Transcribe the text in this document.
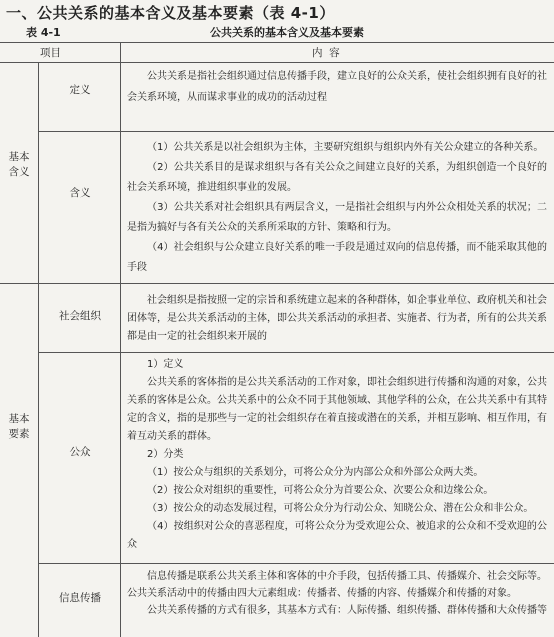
一、公共关系的基本含义及基本要素（表 4-1）
表 4-1	公共关系的基本含义及基本要素
项目	内  容
基本含义
基本要素
定义
含义
社会组织
公众
信息传播

公共关系是指社会组织通过信息传播手段，建立良好的公众关系，使社会组织拥有良好的社会关系环境，从而谋求事业的成功的活动过程

（1）公共关系是以社会组织为主体，主要研究组织与组织内外有关公众建立的各种关系。

（2）公共关系目的是谋求组织与各有关公众之间建立良好的关系，为组织创造一个良好的社会关系环境，推进组织事业的发展。

（3）公共关系对社会组织具有两层含义，一是指社会组织与内外公众相处关系的状况；二是指为搞好与各有关公众的关系所采取的方针、策略和行为。

（4）社会组织与公众建立良好关系的唯一手段是通过双向的信息传播，而不能采取其他的手段

社会组织是指按照一定的宗旨和系统建立起来的各种群体，如企事业单位、政府机关和社会团体等，是公共关系活动的主体，即公共关系活动的承担者、实施者、行为者，所有的公共关系都是由一定的社会组织来开展的

1）定义

公共关系的客体指的是公共关系活动的工作对象，即社会组织进行传播和沟通的对象，公共关系的客体是公众。公共关系中的公众不同于其他领域、其他学科的公众，在公共关系中有其特定的含义，指的是那些与一定的社会组织存在着直接或潜在的关系，并相互影响、相互作用，有着互动关系的群体。

2）分类

（1）按公众与组织的关系划分，可将公众分为内部公众和外部公众两大类。

（2）按公众对组织的重要性，可将公众分为首要公众、次要公众和边缘公众。

（3）按公众的动态发展过程，可将公众分为行动公众、知晓公众、潜在公众和非公众。

（4）按组织对公众的喜恶程度，可将公众分为受欢迎公众、被追求的公众和不受欢迎的公众

信息传播是联系公共关系主体和客体的中介手段，包括传播工具、传播媒介、社会交际等。公共关系活动中的传播由四大元素组成：传播者、传播的内容、传播媒介和传播的对象。

公共关系传播的方式有很多，其基本方式有：人际传播、组织传播、群体传播和大众传播等
